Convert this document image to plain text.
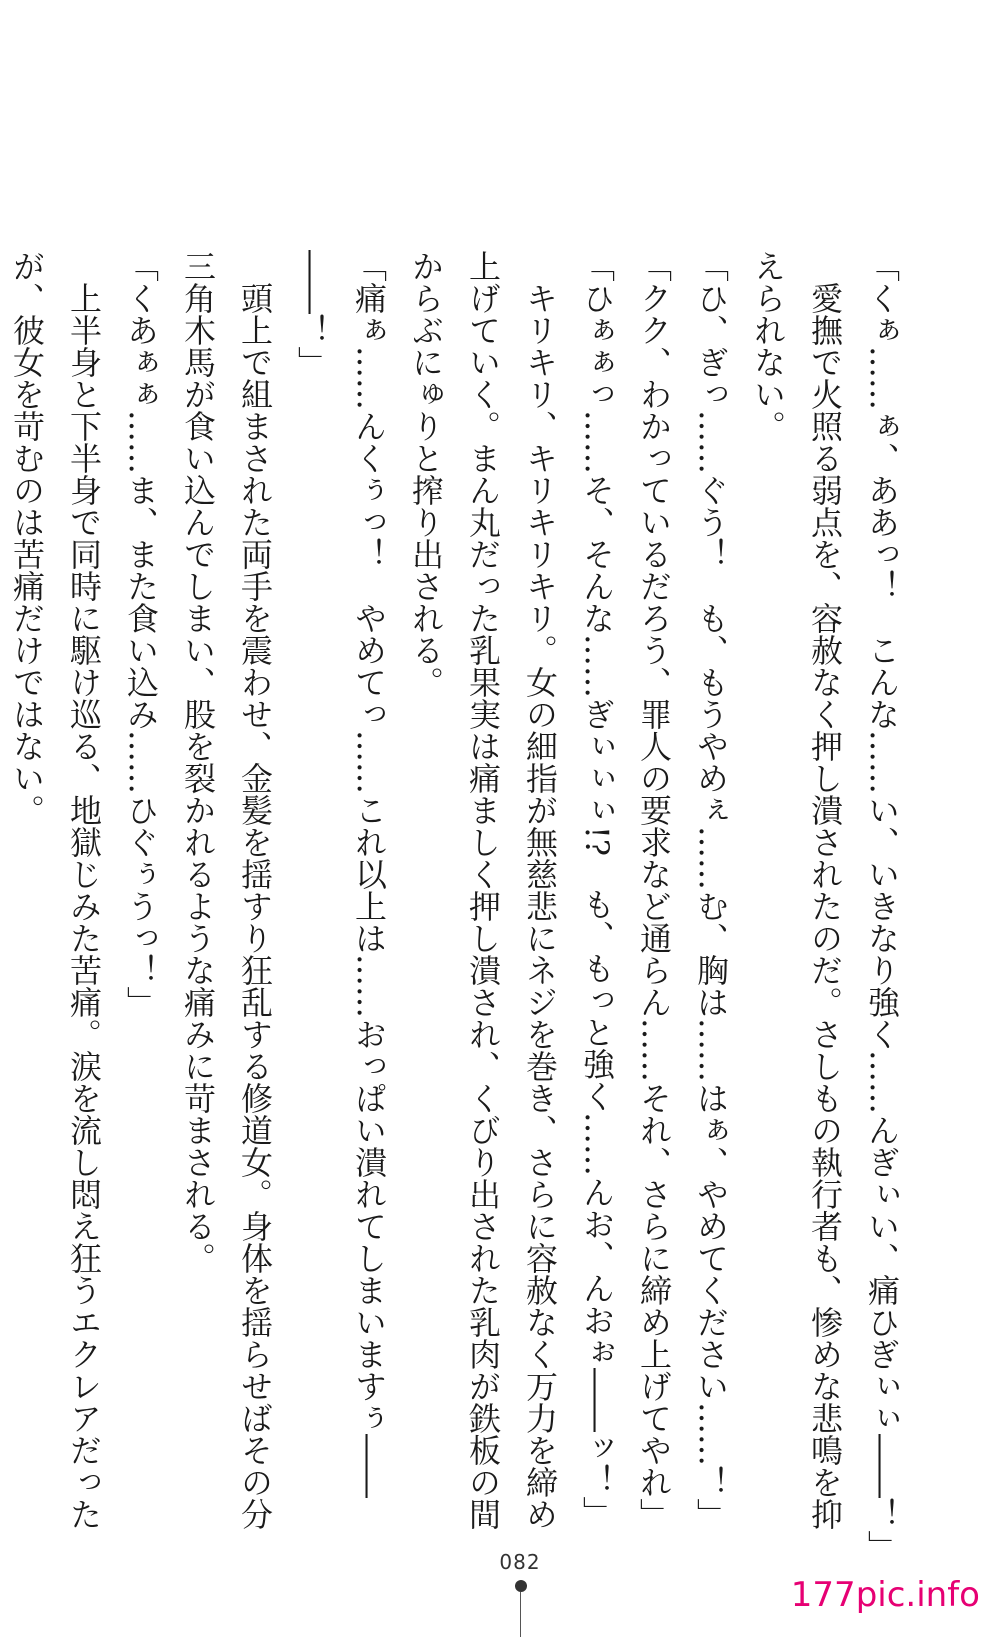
「くぁ……ぁ、ああっ！　こんな……い、いきなり強く……んぎぃい、痛ひぎぃぃ――！」
　愛撫で火照る弱点を、容赦なく押し潰されたのだ。さしもの執行者も、惨めな悲鳴を抑
えられない。
「ひ、ぎっ……ぐう！　も、もうやめぇ……む、胸は……はぁ、やめてください……！」
「クク、わかっているだろう、罪人の要求など通らん……それ、さらに締め上げてやれ」
「ひぁぁっ……そ、そんな……ぎぃぃぃ!?　も、もっと強く……んお、んおぉ――ッ！」
　キリキリ、キリキリキリ。女の細指が無慈悲にネジを巻き、さらに容赦なく万力を締め
上げていく。まん丸だった乳果実は痛ましく押し潰され、くびり出された乳肉が鉄板の間
からぶにゅりと搾り出される。
「痛ぁ……んくぅっ！　やめてっ……これ以上は……おっぱい潰れてしまいますぅ――
――！」
　頭上で組まされた両手を震わせ、金髪を揺すり狂乱する修道女。身体を揺らせばその分
三角木馬が食い込んでしまい、股を裂かれるような痛みに苛まされる。
「くあぁぁ……ま、また食い込み……ひぐぅうっ！」
　上半身と下半身で同時に駆け巡る、地獄じみた苦痛。涙を流し悶え狂うエクレアだった
が、彼女を苛むのは苦痛だけではない。
082
177pic.info
